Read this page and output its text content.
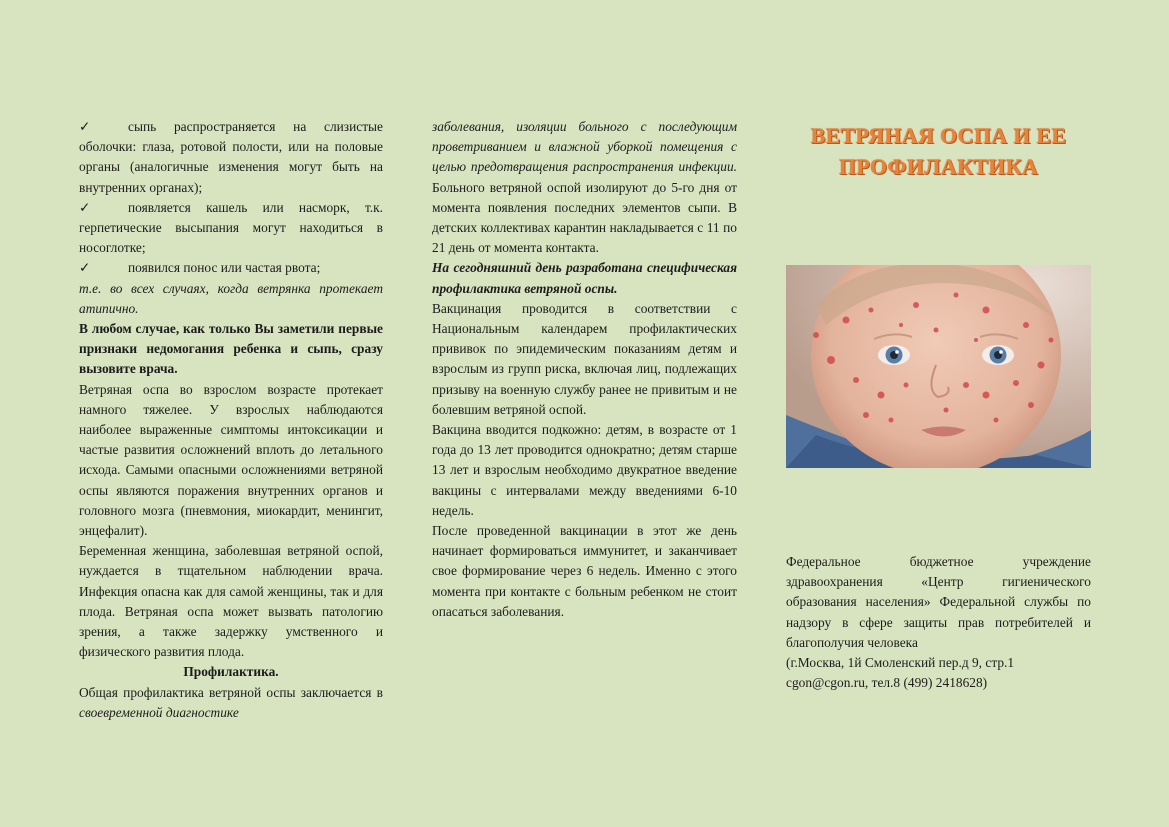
✓	сыпь распространяется на слизистые оболочки: глаза, ротовой полости, или на половые органы (аналогичные изменения могут быть на внутренних органах);

✓	появляется кашель или насморк, т.к. герпетические высыпания могут находиться в носоглотке;

✓	появился понос или частая рвота;

т.е. во всех случаях, когда ветрянка протекает атипично.

В любом случае, как только Вы заметили первые признаки недомогания ребенка и сыпь, сразу вызовите врача.

Ветряная оспа во взрослом возрасте протекает намного тяжелее. У взрослых наблюдаются наиболее выраженные симптомы интоксикации и частые развития осложнений вплоть до летального исхода. Самыми опасными осложнениями ветряной оспы являются поражения внутренних органов и головного мозга (пневмония, миокардит, менингит, энцефалит).

Беременная женщина, заболевшая ветряной оспой, нуждается в тщательном наблюдении врача. Инфекция опасна как для самой женщины, так и для плода. Ветряная оспа может вызвать патологию зрения, а также задержку умственного и физического развития плода.

Профилактика.

Общая профилактика ветряной оспы заключается в своевременной диагностике

заболевания, изоляции больного с последующим проветриванием и влажной уборкой помещения с целью предотвращения распространения инфекции. Больного ветряной оспой изолируют до 5-го дня от момента появления последних элементов сыпи. В детских коллективах карантин накладывается с 11 по 21 день от момента контакта.

На сегодняшний день разработана специфическая профилактика ветряной оспы.

Вакцинация проводится в соответствии с Национальным календарем профилактических прививок по эпидемическим показаниям детям и взрослым из групп риска, включая лиц, подлежащих призыву на военную службу ранее не привитым и не болевшим ветряной оспой.

Вакцина вводится подкожно: детям, в возрасте от 1 года до 13 лет проводится однократно; детям старше 13 лет и взрослым необходимо двукратное введение вакцины с интервалами между введениями 6-10 недель.

После проведенной вакцинации в этот же день начинает формироваться иммунитет, и заканчивает свое формирование через 6 недель. Именно с этого момента при контакте с больным ребенком не стоит опасаться заболевания.

ВЕТРЯНАЯ ОСПА И ЕЕ
ПРОФИЛАКТИКА

Федеральное бюджетное учреждение здравоохранения «Центр гигиенического образования населения» Федеральной службы по надзору в сфере защиты прав потребителей и благополучия человека

(г.Москва, 1й Смоленский пер.д 9, стр.1 cgon@cgon.ru, тел.8 (499) 2418628)
